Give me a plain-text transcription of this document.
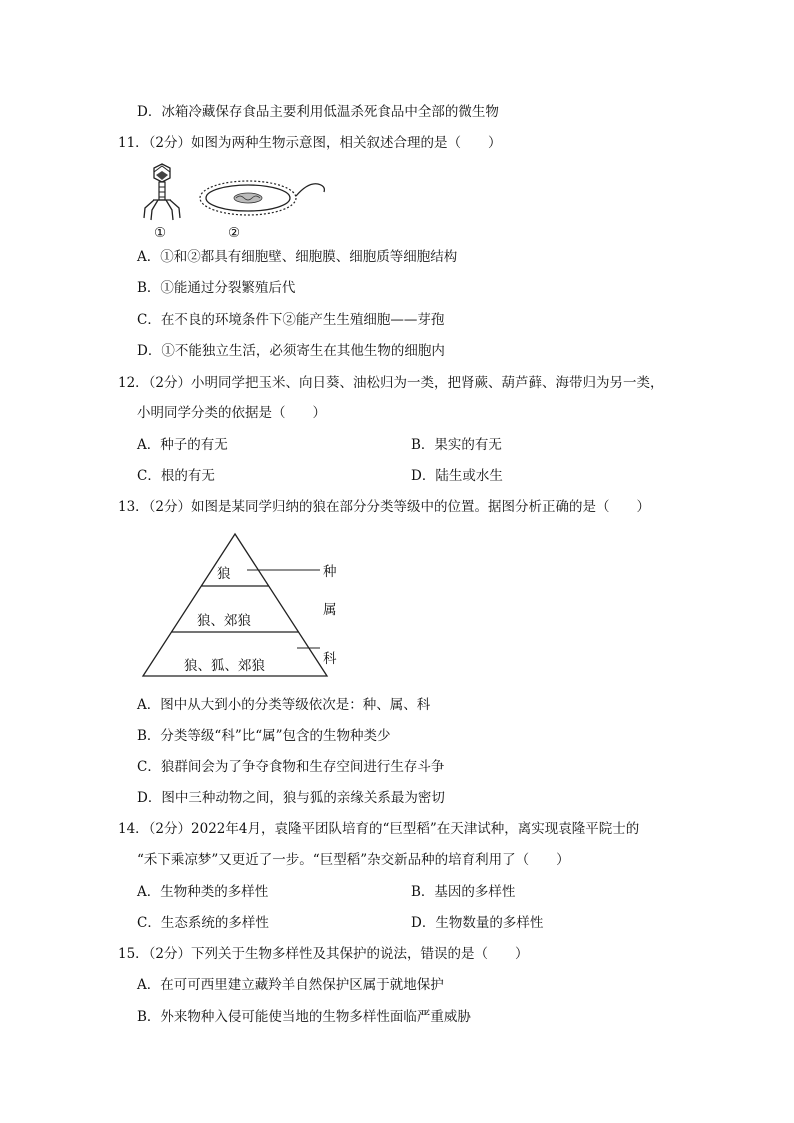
D．冰箱冷藏保存食品主要利用低温杀死食品中全部的微生物
11．（2分）如图为两种生物示意图，相关叙述合理的是（　　）
①	②
A．①和②都具有细胞壁、细胞膜、细胞质等细胞结构
B．①能通过分裂繁殖后代
C．在不良的环境条件下②能产生生殖细胞——芽孢
D．①不能独立生活，必须寄生在其他生物的细胞内
12．（2分）小明同学把玉米、向日葵、油松归为一类，把肾蕨、葫芦藓、海带归为另一类，
小明同学分类的依据是（　　）
A．种子的有无	B．果实的有无
C．根的有无	D．陆生或水生
13．（2分）如图是某同学归纳的狼在部分分类等级中的位置。据图分析正确的是（　　）
狼
狼、郊狼
狼、狐、郊狼
种
属
科
A．图中从大到小的分类等级依次是：种、属、科
B．分类等级“科”比“属”包含的生物种类少
C．狼群间会为了争夺食物和生存空间进行生存斗争
D．图中三种动物之间，狼与狐的亲缘关系最为密切
14．（2分）2022年4月，袁隆平团队培育的“巨型稻”在天津试种，离实现袁隆平院士的
“禾下乘凉梦”又更近了一步。“巨型稻”杂交新品种的培育利用了（　　）
A．生物种类的多样性	B．基因的多样性
C．生态系统的多样性	D．生物数量的多样性
15．（2分）下列关于生物多样性及其保护的说法，错误的是（　　）
A．在可可西里建立藏羚羊自然保护区属于就地保护
B．外来物种入侵可能使当地的生物多样性面临严重威胁
